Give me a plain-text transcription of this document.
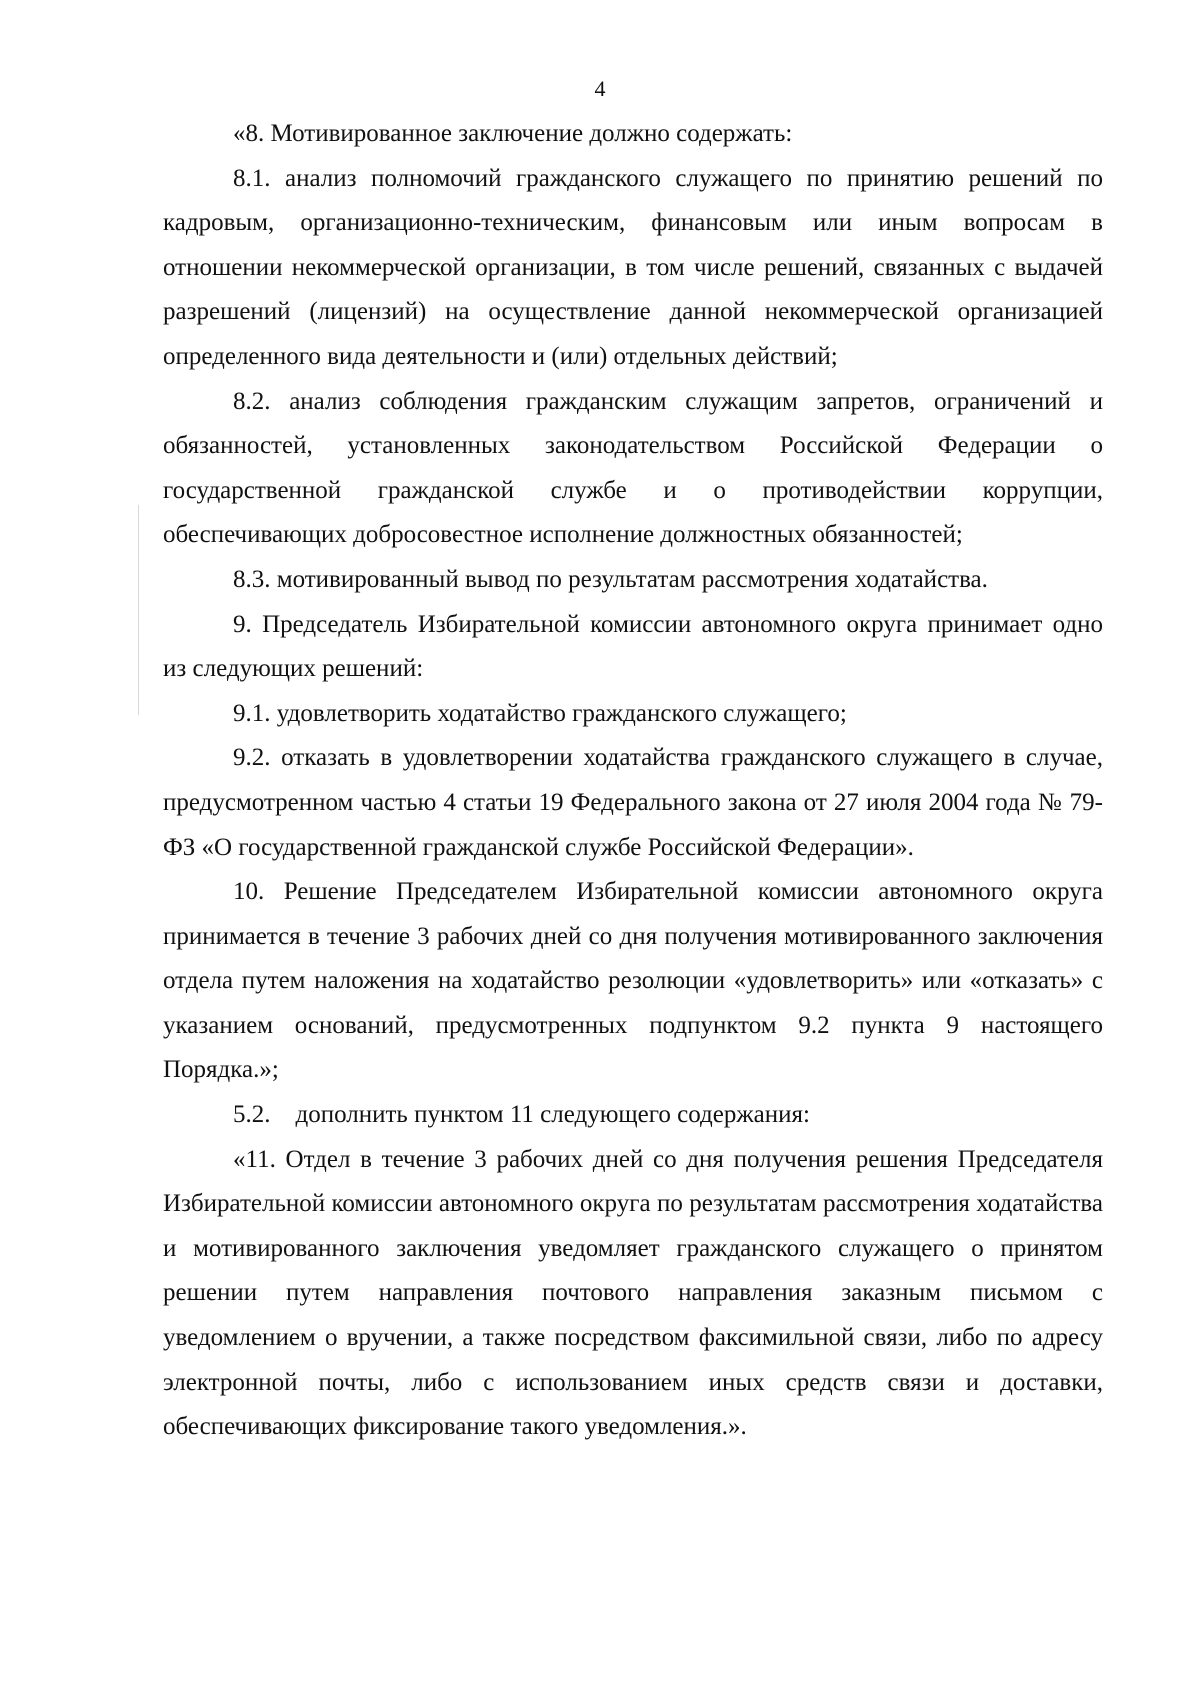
4

«8. Мотивированное заключение должно содержать:

8.1. анализ полномочий гражданского служащего по принятию решений по кадровым, организационно-техническим, финансовым или иным вопросам в отношении некоммерческой организации, в том числе решений, связанных с выдачей разрешений (лицензий) на осуществление данной некоммерческой организацией определенного вида деятельности и (или) отдельных действий;

8.2. анализ соблюдения гражданским служащим запретов, ограничений и обязанностей, установленных законодательством Российской Федерации о государственной гражданской службе и о противодействии коррупции, обеспечивающих добросовестное исполнение должностных обязанностей;

8.3. мотивированный вывод по результатам рассмотрения ходатайства.

9. Председатель Избирательной комиссии автономного округа принимает одно из следующих решений:

9.1. удовлетворить ходатайство гражданского служащего;

9.2. отказать в удовлетворении ходатайства гражданского служащего в случае, предусмотренном частью 4 статьи 19 Федерального закона от 27 июля 2004 года № 79-ФЗ «О государственной гражданской службе Российской Федерации».

10. Решение Председателем Избирательной комиссии автономного округа принимается в течение 3 рабочих дней со дня получения мотивированного заключения отдела путем наложения на ходатайство резолюции «удовлетворить» или «отказать» с указанием оснований, предусмотренных подпунктом 9.2 пункта 9 настоящего Порядка.»;

5.2.    дополнить пунктом 11 следующего содержания:

«11. Отдел в течение 3 рабочих дней со дня получения решения Председателя Избирательной комиссии автономного округа по результатам рассмотрения ходатайства и мотивированного заключения уведомляет гражданского служащего о принятом решении путем направления почтового направления заказным письмом с уведомлением о вручении, а также посредством факсимильной связи, либо по адресу электронной почты, либо с использованием иных средств связи и доставки, обеспечивающих фиксирование такого уведомления.».
